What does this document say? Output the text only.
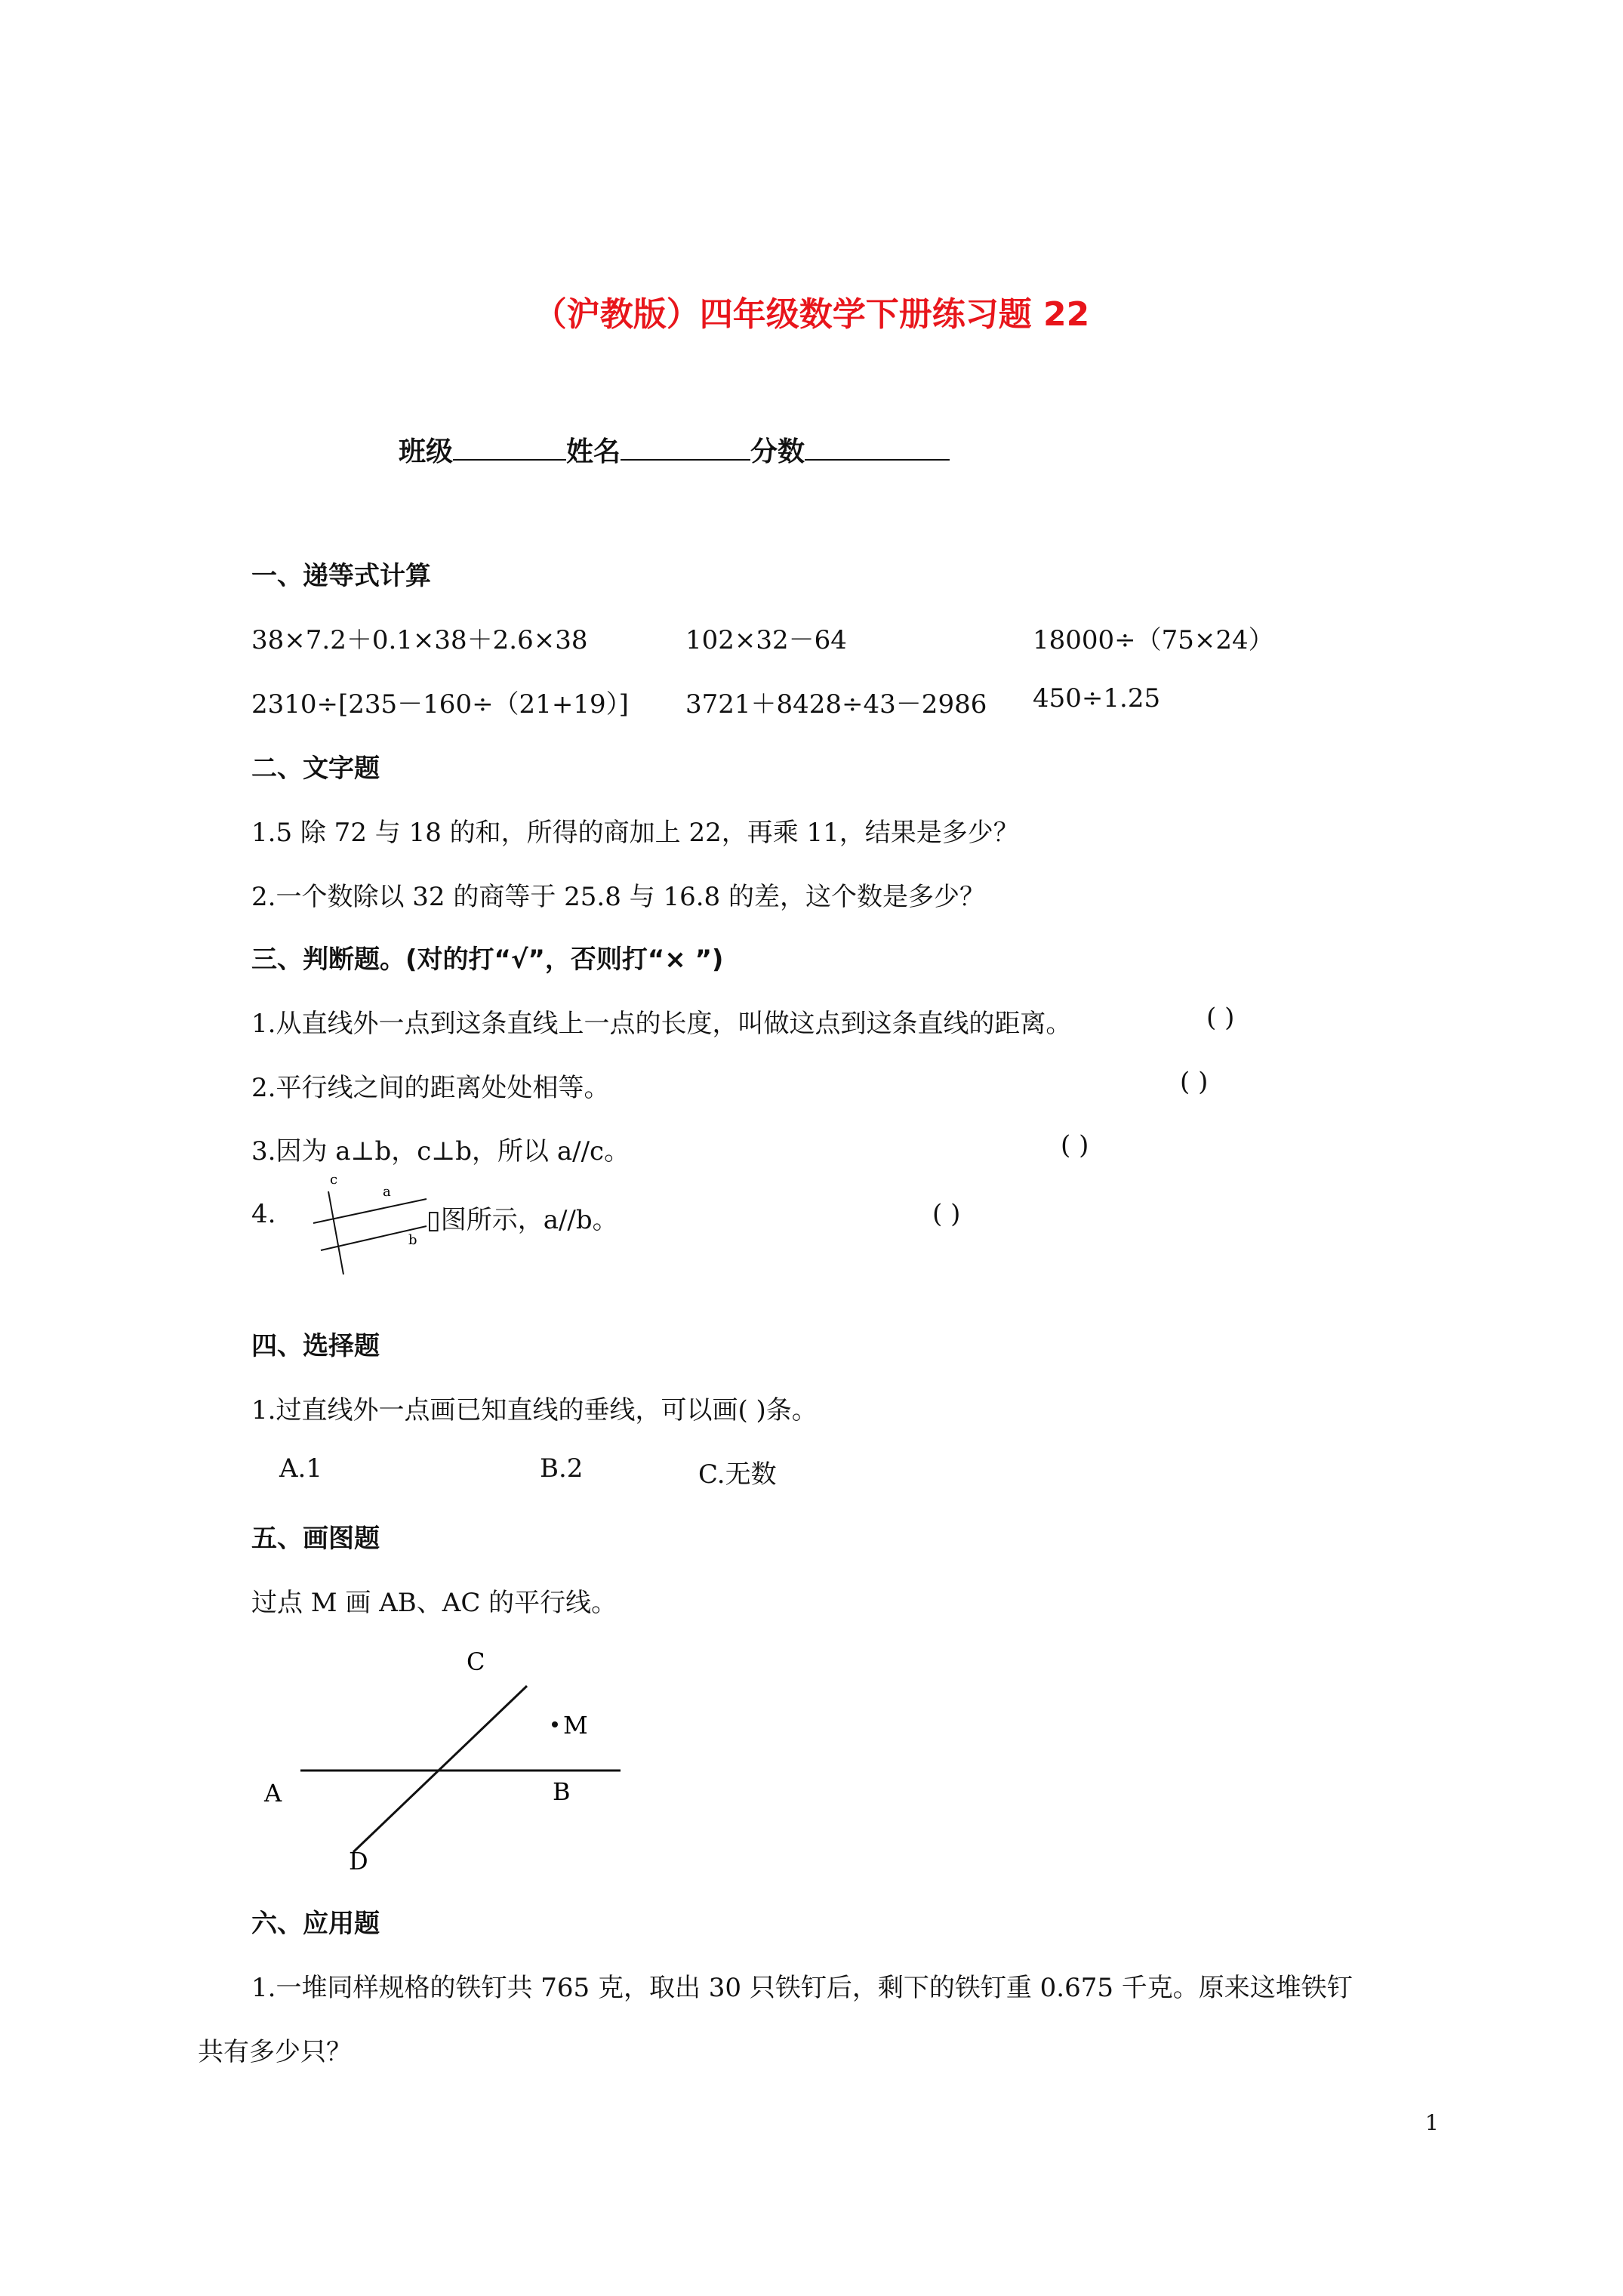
（沪教版）四年级数学下册练习题 22
班级	姓名	分数
一、递等式计算
38×7.2＋0.1×38＋2.6×38	102×32－64	18000÷（75×24）
2310÷[235－160÷（21+19）] 3721＋8428÷43－2986 450÷1.25
二、文字题
1.5 除 72 与 18 的和，所得的商加上 22，再乘 11，结果是多少？
2.一个数除以 32 的商等于 25.8 与 16.8 的差，这个数是多少？
三、判断题。(对的打“√”，否则打“× ”)
1.从直线外一点到这条直线上一点的长度，叫做这点到这条直线的距离。	( )
2.平行线之间的距离处处相等。	( )
3.因为 a⊥b，c⊥b，所以 a//c。	( )
4.
c
a
b
▯图所示，a//b。	( )
四、选择题
1.过直线外一点画已知直线的垂线，可以画( )条。
A.1	B.2	C.无数
五、画图题
过点 M 画 AB、AC 的平行线。
C
M
A	B
D
六、应用题
1.一堆同样规格的铁钉共 765 克，取出 30 只铁钉后，剩下的铁钉重 0.675 千克。原来这堆铁钉
共有多少只？
1
